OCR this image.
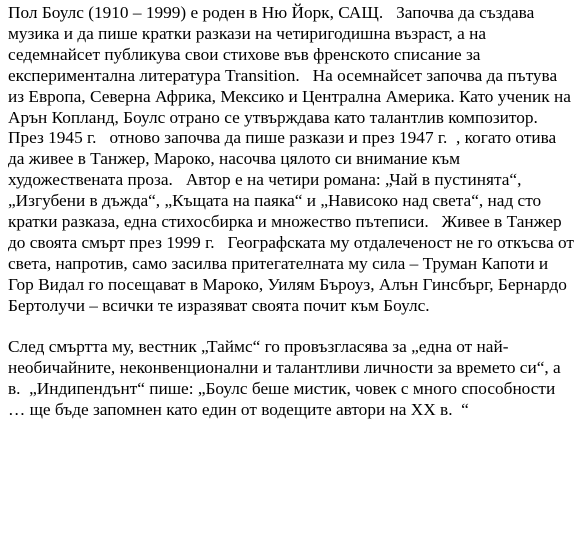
Пол Боулс (1910 – 1999) е роден в Ню Йорк, САЩ.   Започва да създава музика и да пише кратки разкази на четиригодишна възраст, а на седемнайсет публикува свои стихове във френското списание за експериментална литература Transition.   На осемнайсет започва да пътува из Европа, Северна Африка, Мексико и Централна Америка. Като ученик на Арън Копланд, Боулс отрано се утвърждава като талантлив композитор.   През 1945 г.   отново започва да пише разкази и през 1947 г.  , когато отива да живее в Танжер, Мароко, насочва цялото си внимание към художествената проза.   Автор е на четири романа: „Чай в пустинята“, „Изгубени в дъжда“, „Къщата на паяка“ и „Нависоко над света“, над сто кратки разказа, една стихосбирка и множество пътеписи.   Живее в Танжер до своята смърт през 1999 г.   Географската му отдалеченост не го откъсва от света, напротив, само засилва притегателната му сила – Труман Капоти и Гор Видал го посещават в Мароко, Уилям Бъроуз, Алън Гинсбърг, Бернардо Бертолучи – всички те изразяват своята почит към Боулс.

След смъртта му, вестник „Таймс“ го провъзгласява за „една от най-необичайните, неконвенционални и талантливи личности за времето си“, а в.  „Индипендънт“ пише: „Боулс беше мистик, човек с много способности … ще бъде запомнен като един от водещите автори на XX в.  “
